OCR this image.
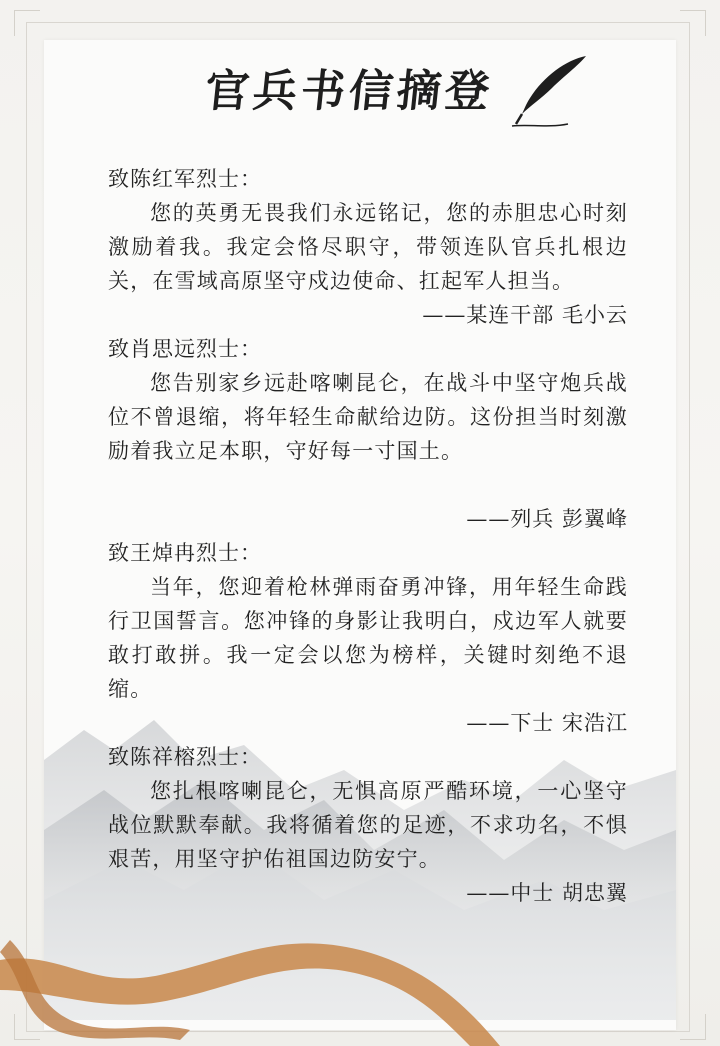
官兵书信摘登
致陈红军烈士：
您的英勇无畏我们永远铭记，您的赤胆忠心时刻激励着我。我定会恪尽职守，带领连队官兵扎根边关，在雪域高原坚守戍边使命、扛起军人担当。
——某连干部 毛小云
致肖思远烈士：
您告别家乡远赴喀喇昆仑，在战斗中坚守炮兵战位不曾退缩，将年轻生命献给边防。这份担当时刻激励着我立足本职，守好每一寸国土。
——列兵 彭翼峰
致王焯冉烈士：
当年，您迎着枪林弹雨奋勇冲锋，用年轻生命践行卫国誓言。您冲锋的身影让我明白，戍边军人就要敢打敢拼。我一定会以您为榜样，关键时刻绝不退缩。
——下士 宋浩江
致陈祥榕烈士：
您扎根喀喇昆仑，无惧高原严酷环境，一心坚守战位默默奉献。我将循着您的足迹，不求功名，不惧艰苦，用坚守护佑祖国边防安宁。
——中士 胡忠翼
